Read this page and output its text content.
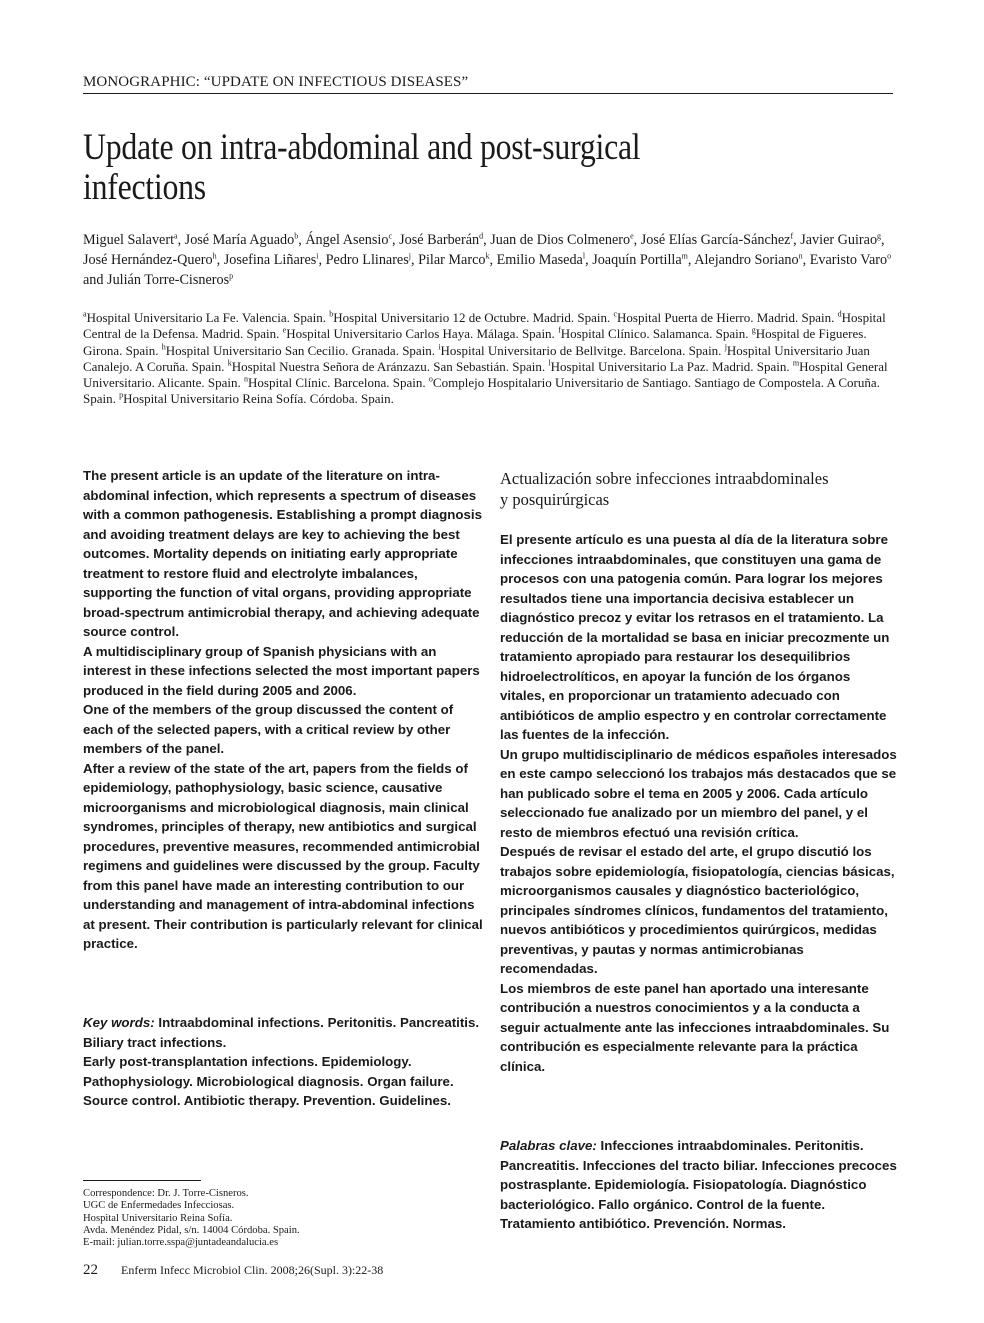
MONOGRAPHIC: “UPDATE ON INFECTIOUS DISEASES”
Update on intra-abdominal and post-surgical
infections
Miguel Salavert$^a$, José María Aguado$^b$, Ángel Asensio$^c$, José Barberán$^d$, Juan de Dios Colmenero$^e$, José Elías García-Sánchez$^f$, Javier Guirao$^g$, José Hernández-Quero$^h$, Josefina Liñares$^i$, Pedro Llinares$^j$, Pilar Marco$^k$, Emilio Maseda$^l$, Joaquín Portilla$^m$, Alejandro Soriano$^n$, Evaristo Varo$^o$ and Julián Torre-Cisneros$^p$
$^a$Hospital Universitario La Fe. Valencia. Spain. $^b$Hospital Universitario 12 de Octubre. Madrid. Spain. $^c$Hospital Puerta de Hierro. Madrid. Spain. $^d$Hospital Central de la Defensa. Madrid. Spain. $^e$Hospital Universitario Carlos Haya. Málaga. Spain. $^f$Hospital Clínico. Salamanca. Spain. $^g$Hospital de Figueres. Girona. Spain. $^h$Hospital Universitario San Cecilio. Granada. Spain. $^i$Hospital Universitario de Bellvitge. Barcelona. Spain. $^j$Hospital Universitario Juan Canalejo. A Coruña. Spain. $^k$Hospital Nuestra Señora de Aránzazu. San Sebastián. Spain. $^l$Hospital Universitario La Paz. Madrid. Spain. $^m$Hospital General Universitario. Alicante. Spain. $^n$Hospital Clínic. Barcelona. Spain. $^o$Complejo Hospitalario Universitario de Santiago. Santiago de Compostela. A Coruña. Spain. $^p$Hospital Universitario Reina Sofía. Córdoba. Spain.

The present article is an update of the literature on intra-abdominal infection, which represents a spectrum of diseases with a common pathogenesis. Establishing a prompt diagnosis and avoiding treatment delays are key to achieving the best outcomes. Mortality depends on initiating early appropriate treatment to restore fluid and electrolyte imbalances, supporting the function of vital organs, providing appropriate broad-spectrum antimicrobial therapy, and achieving adequate source control.

A multidisciplinary group of Spanish physicians with an interest in these infections selected the most important papers produced in the field during 2005 and 2006.

One of the members of the group discussed the content of each of the selected papers, with a critical review by other members of the panel.

After a review of the state of the art, papers from the fields of epidemiology, pathophysiology, basic science, causative microorganisms and microbiological diagnosis, main clinical syndromes, principles of therapy, new antibiotics and surgical procedures, preventive measures, recommended antimicrobial regimens and guidelines were discussed by the group. Faculty from this panel have made an interesting contribution to our understanding and management of intra-abdominal infections at present. Their contribution is particularly relevant for clinical practice.

Key words: Intraabdominal infections. Peritonitis. Pancreatitis. Biliary tract infections.
Early post-transplantation infections. Epidemiology. Pathophysiology. Microbiological diagnosis. Organ failure. Source control. Antibiotic therapy. Prevention. Guidelines.
Actualización sobre infecciones intraabdominales
y posquirúrgicas

El presente artículo es una puesta al día de la literatura sobre infecciones intraabdominales, que constituyen una gama de procesos con una patogenia común. Para lograr los mejores resultados tiene una importancia decisiva establecer un diagnóstico precoz y evitar los retrasos en el tratamiento. La reducción de la mortalidad se basa en iniciar precozmente un tratamiento apropiado para restaurar los desequilibrios hidroelectrolíticos, en apoyar la función de los órganos vitales, en proporcionar un tratamiento adecuado con antibióticos de amplio espectro y en controlar correctamente las fuentes de la infección.

Un grupo multidisciplinario de médicos españoles interesados en este campo seleccionó los trabajos más destacados que se han publicado sobre el tema en 2005 y 2006. Cada artículo seleccionado fue analizado por un miembro del panel, y el resto de miembros efectuó una revisión crítica.

Después de revisar el estado del arte, el grupo discutió los trabajos sobre epidemiología, fisiopatología, ciencias básicas, microorganismos causales y diagnóstico bacteriológico, principales síndromes clínicos, fundamentos del tratamiento, nuevos antibióticos y procedimientos quirúrgicos, medidas preventivas, y pautas y normas antimicrobianas recomendadas.

Los miembros de este panel han aportado una interesante contribución a nuestros conocimientos y a la conducta a seguir actualmente ante las infecciones intraabdominales. Su contribución es especialmente relevante para la práctica clínica.

Palabras clave: Infecciones intraabdominales. Peritonitis. Pancreatitis. Infecciones del tracto biliar. Infecciones precoces postrasplante. Epidemiología. Fisiopatología. Diagnóstico bacteriológico. Fallo orgánico. Control de la fuente. Tratamiento antibiótico. Prevención. Normas.
Correspondence: Dr. J. Torre-Cisneros.
UGC de Enfermedades Infecciosas.
Hospital Universitario Reina Sofía.
Avda. Menéndez Pidal, s/n. 14004 Córdoba. Spain.
E-mail: julian.torre.sspa@juntadeandalucia.es
22 Enferm Infecc Microbiol Clin. 2008;26(Supl. 3):22-38
